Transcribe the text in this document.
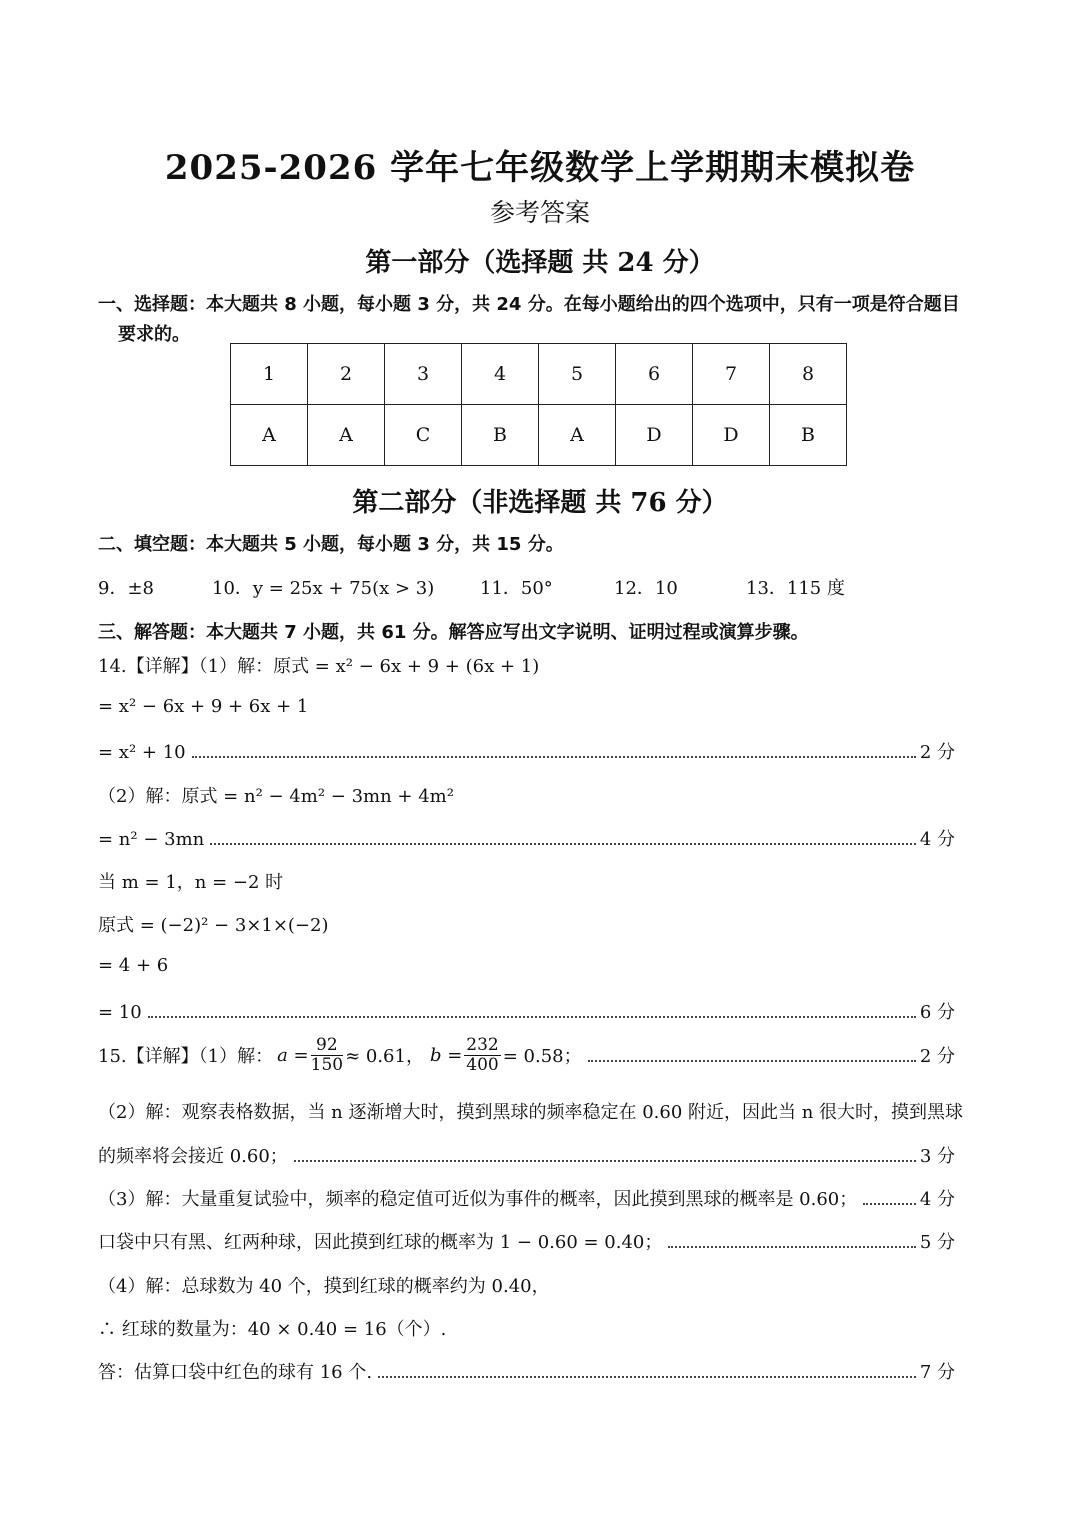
2025-2026 学年七年级数学上学期期末模拟卷
参考答案
第一部分（选择题 共 24 分）
一、选择题：本大题共 8 小题，每小题 3 分，共 24 分。在每小题给出的四个选项中，只有一项是符合题目
要求的。
1	2	3	4	5	6	7	8
A	A	C	B	A	D	D	B
第二部分（非选择题 共 76 分）
二、填空题：本大题共 5 小题，每小题 3 分，共 15 分。
9．±8	10．y = 25x + 75(x > 3)	11．50°	12．10	13．115 度
三、解答题：本大题共 7 小题，共 61 分。解答应写出文字说明、证明过程或演算步骤。
14.【详解】（1）解：原式 = x² − 6x + 9 + (6x + 1)
= x² − 6x + 9 + 6x + 1
= x² + 10	2 分
（2）解：原式 = n² − 4m² − 3mn + 4m²
= n² − 3mn	4 分
当 m = 1，n = −2 时
原式 = (−2)² − 3×1×(−2)
= 4 + 6
= 10	6 分
15.【详解】（1）解： $a = \frac{92}{150} \approx 0.61$， $b = \frac{232}{400} = 0.58$；	2 分
（2）解：观察表格数据，当 n 逐渐增大时，摸到黑球的频率稳定在 0.60 附近，因此当 n 很大时，摸到黑球
的频率将会接近 0.60；	3 分
（3）解：大量重复试验中，频率的稳定值可近似为事件的概率，因此摸到黑球的概率是 0.60；	4 分
口袋中只有黑、红两种球，因此摸到红球的概率为 1 − 0.60 = 0.40；	5 分
（4）解：总球数为 40 个，摸到红球的概率约为 0.40，
∴ 红球的数量为：40 × 0.40 = 16（个）.
答：估算口袋中红色的球有 16 个.	7 分
